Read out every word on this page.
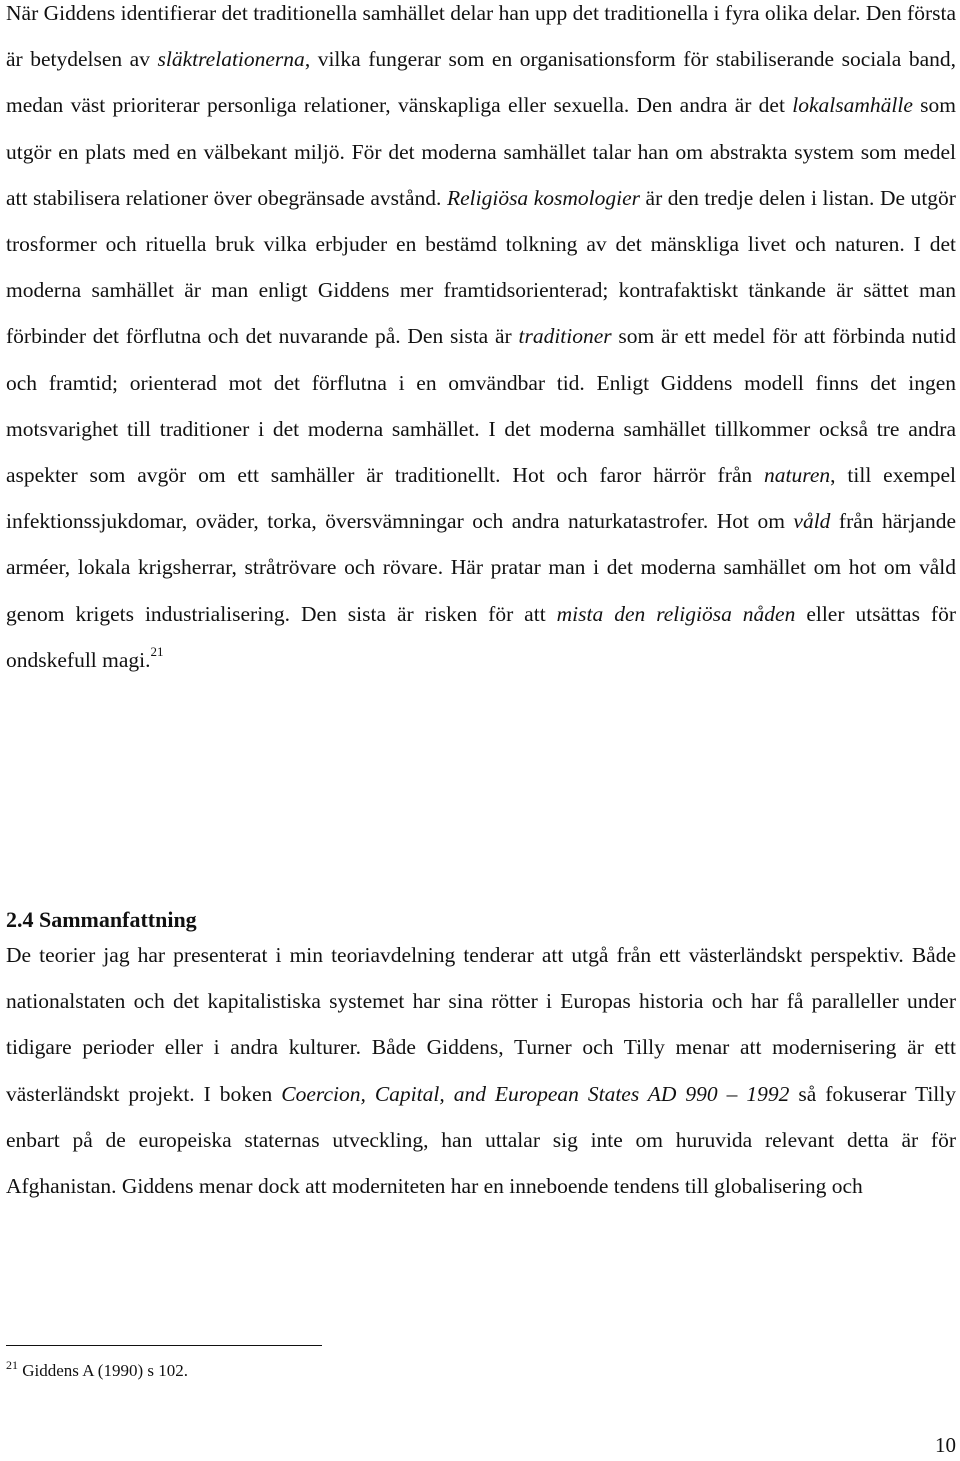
När Giddens identifierar det traditionella samhället delar han upp det traditionella i fyra olika delar. Den första är betydelsen av släktrelationerna, vilka fungerar som en organisationsform för stabiliserande sociala band, medan väst prioriterar personliga relationer, vänskapliga eller sexuella. Den andra är det lokalsamhälle som utgör en plats med en välbekant miljö. För det moderna samhället talar han om abstrakta system som medel att stabilisera relationer över obegränsade avstånd. Religiösa kosmologier är den tredje delen i listan. De utgör trosformer och rituella bruk vilka erbjuder en bestämd tolkning av det mänskliga livet och naturen. I det moderna samhället är man enligt Giddens mer framtidsorienterad; kontrafaktiskt tänkande är sättet man förbinder det förflutna och det nuvarande på. Den sista är traditioner som är ett medel för att förbinda nutid och framtid; orienterad mot det förflutna i en omvändbar tid. Enligt Giddens modell finns det ingen motsvarighet till traditioner i det moderna samhället. I det moderna samhället tillkommer också tre andra aspekter som avgör om ett samhäller är traditionellt. Hot och faror härrör från naturen, till exempel infektionssjukdomar, oväder, torka, översvämningar och andra naturkatastrofer. Hot om våld från härjande arméer, lokala krigsherrar, stråtrövare och rövare. Här pratar man i det moderna samhället om hot om våld genom krigets industrialisering. Den sista är risken för att mista den religiösa nåden eller utsättas för ondskefull magi.$^{21}$

2.4 Sammanfattning

De teorier jag har presenterat i min teoriavdelning tenderar att utgå från ett västerländskt perspektiv. Både nationalstaten och det kapitalistiska systemet har sina rötter i Europas historia och har få paralleller under tidigare perioder eller i andra kulturer. Både Giddens, Turner och Tilly menar att modernisering är ett västerländskt projekt. I boken Coercion, Capital, and European States AD 990 – 1992 så fokuserar Tilly enbart på de europeiska staternas utveckling, han uttalar sig inte om huruvida relevant detta är för Afghanistan. Giddens menar dock att moderniteten har en inneboende tendens till globalisering och

$^{21}$ Giddens A (1990) s 102.

10
